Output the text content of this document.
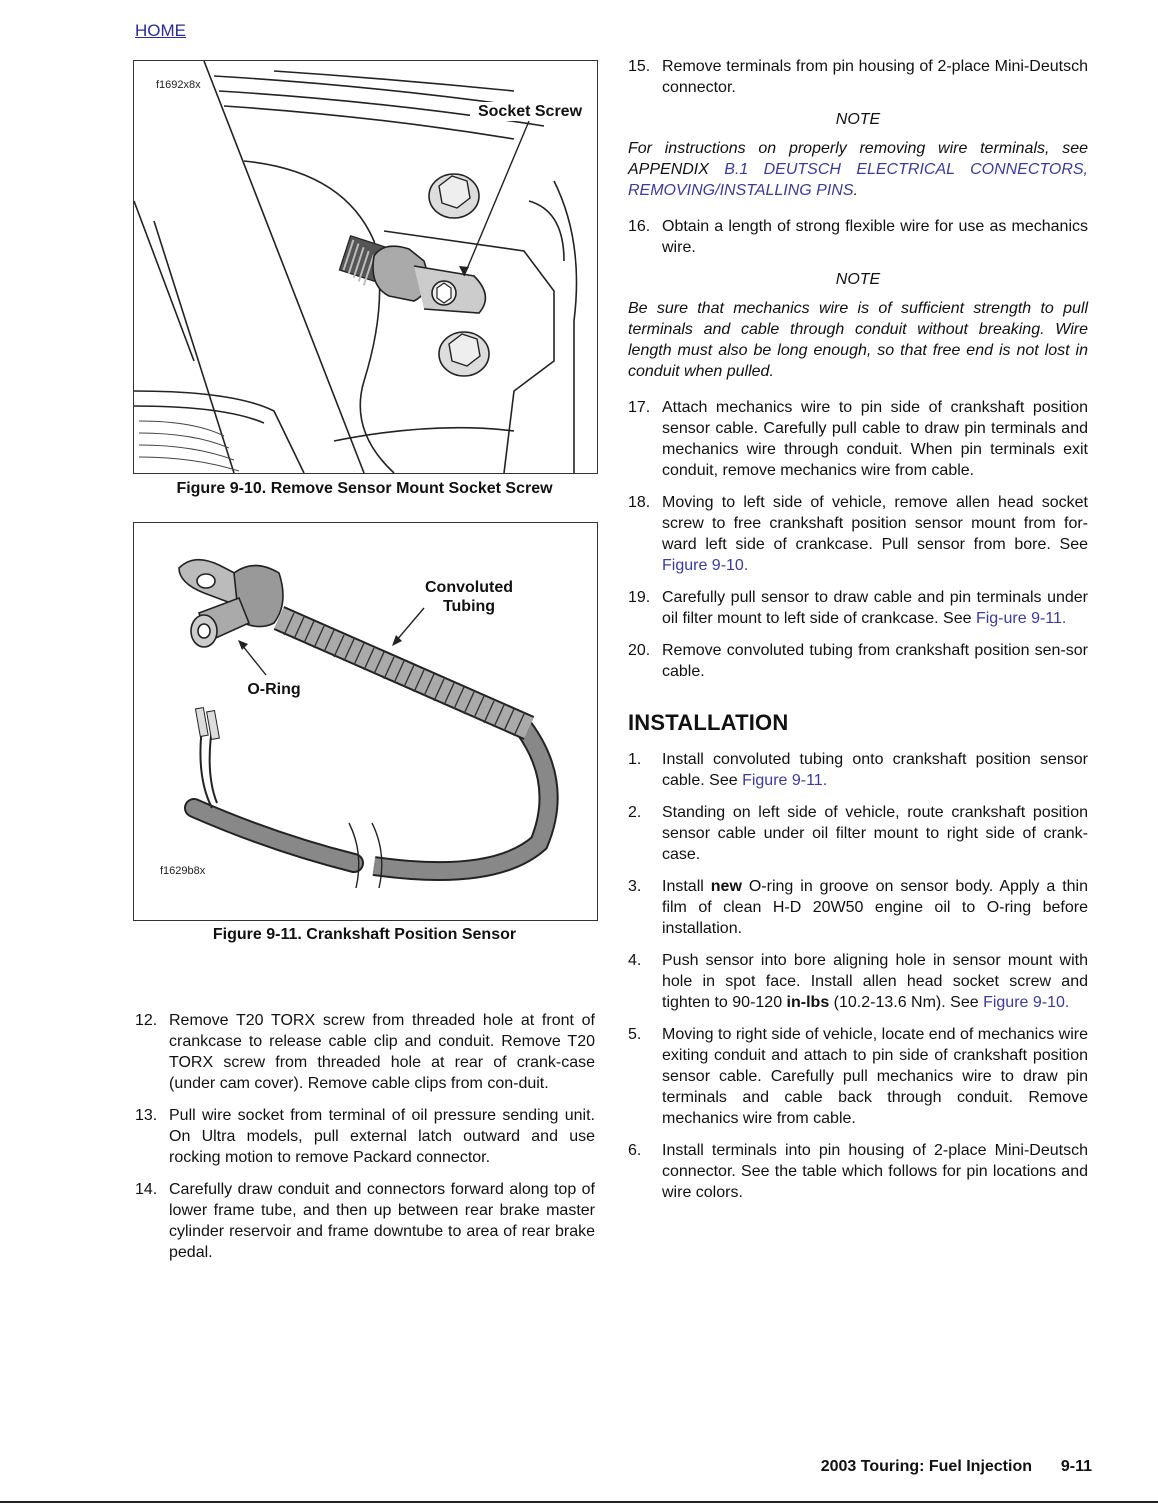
HOME
f1692x8x
Socket Screw
Figure 9-10. Remove Sensor Mount Socket Screw
Convoluted
Tubing
O-Ring
f1629b8x
Figure 9-11. Crankshaft Position Sensor
12. Remove T20 TORX screw from threaded hole at front of crankcase to release cable clip and conduit. Remove T20 TORX screw from threaded hole at rear of crank-case (under cam cover). Remove cable clips from con-duit.
13. Pull wire socket from terminal of oil pressure sending unit. On Ultra models, pull external latch outward and use rocking motion to remove Packard connector.
14. Carefully draw conduit and connectors forward along top of lower frame tube, and then up between rear brake master cylinder reservoir and frame downtube to area of rear brake pedal.
15. Remove terminals from pin housing of 2-place Mini-Deutsch connector.
NOTE
For instructions on properly removing wire terminals, see APPENDIX B.1 DEUTSCH ELECTRICAL CONNECTORS, REMOVING/INSTALLING PINS.
16. Obtain a length of strong flexible wire for use as mechanics wire.
NOTE
Be sure that mechanics wire is of sufficient strength to pull terminals and cable through conduit without breaking. Wire length must also be long enough, so that free end is not lost in conduit when pulled.
17. Attach mechanics wire to pin side of crankshaft position sensor cable. Carefully pull cable to draw pin terminals and mechanics wire through conduit. When pin terminals exit conduit, remove mechanics wire from cable.
18. Moving to left side of vehicle, remove allen head socket screw to free crankshaft position sensor mount from for-ward left side of crankcase. Pull sensor from bore. See Figure 9-10.
19. Carefully pull sensor to draw cable and pin terminals under oil filter mount to left side of crankcase. See Fig-ure 9-11.
20. Remove convoluted tubing from crankshaft position sen-sor cable.
INSTALLATION
1.	Install convoluted tubing onto crankshaft position sensor cable. See Figure 9-11.
2.	Standing on left side of vehicle, route crankshaft position sensor cable under oil filter mount to right side of crank-case.
3.	Install new O-ring in groove on sensor body. Apply a thin film of clean H-D 20W50 engine oil to O-ring before installation.
4.	Push sensor into bore aligning hole in sensor mount with hole in spot face. Install allen head socket screw and tighten to 90-120 in-lbs (10.2-13.6 Nm). See Figure 9-10.
5.	Moving to right side of vehicle, locate end of mechanics wire exiting conduit and attach to pin side of crankshaft position sensor cable. Carefully pull mechanics wire to draw pin terminals and cable back through conduit. Remove mechanics wire from cable.
6.	Install terminals into pin housing of 2-place Mini-Deutsch connector. See the table which follows for pin locations and wire colors.
2003 Touring: Fuel Injection 9-11
